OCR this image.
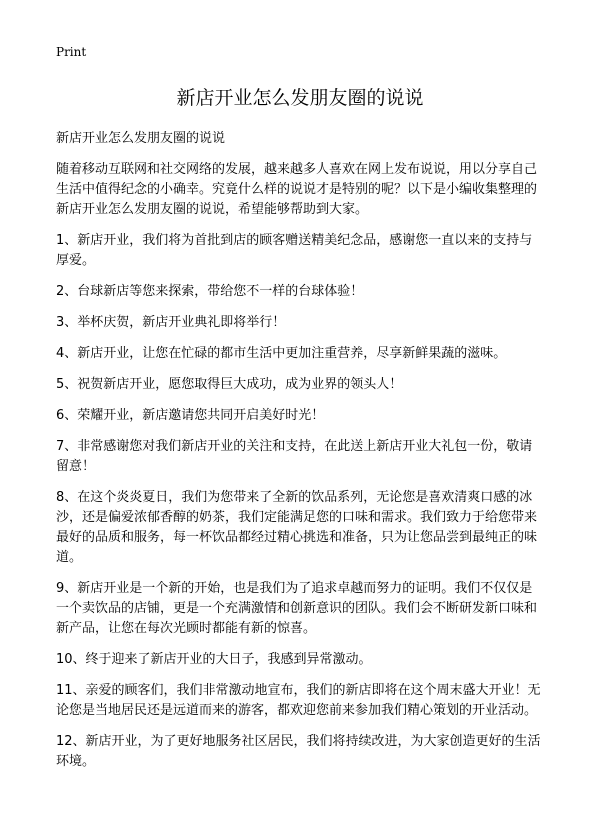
Print
新店开业怎么发朋友圈的说说

新店开业怎么发朋友圈的说说

随着移动互联网和社交网络的发展，越来越多人喜欢在网上发布说说，用以分享自己生活中值得纪念的小确幸。究竟什么样的说说才是特别的呢？以下是小编收集整理的新店开业怎么发朋友圈的说说，希望能够帮助到大家。

1、新店开业，我们将为首批到店的顾客赠送精美纪念品，感谢您一直以来的支持与厚爱。
2、台球新店等您来探索，带给您不一样的台球体验！
3、举杯庆贺，新店开业典礼即将举行！
4、新店开业，让您在忙碌的都市生活中更加注重营养，尽享新鲜果蔬的滋味。
5、祝贺新店开业，愿您取得巨大成功，成为业界的领头人！
6、荣耀开业，新店邀请您共同开启美好时光！
7、非常感谢您对我们新店开业的关注和支持，在此送上新店开业大礼包一份，敬请留意！
8、在这个炎炎夏日，我们为您带来了全新的饮品系列，无论您是喜欢清爽口感的冰沙，还是偏爱浓郁香醇的奶茶，我们定能满足您的口味和需求。我们致力于给您带来最好的品质和服务，每一杯饮品都经过精心挑选和准备，只为让您品尝到最纯正的味道。
9、新店开业是一个新的开始，也是我们为了追求卓越而努力的证明。我们不仅仅是一个卖饮品的店铺，更是一个充满激情和创新意识的团队。我们会不断研发新口味和新产品，让您在每次光顾时都能有新的惊喜。
10、终于迎来了新店开业的大日子，我感到异常激动。
11、亲爱的顾客们，我们非常激动地宣布，我们的新店即将在这个周末盛大开业！无论您是当地居民还是远道而来的游客，都欢迎您前来参加我们精心策划的开业活动。
12、新店开业，为了更好地服务社区居民，我们将持续改进，为大家创造更好的生活环境。
